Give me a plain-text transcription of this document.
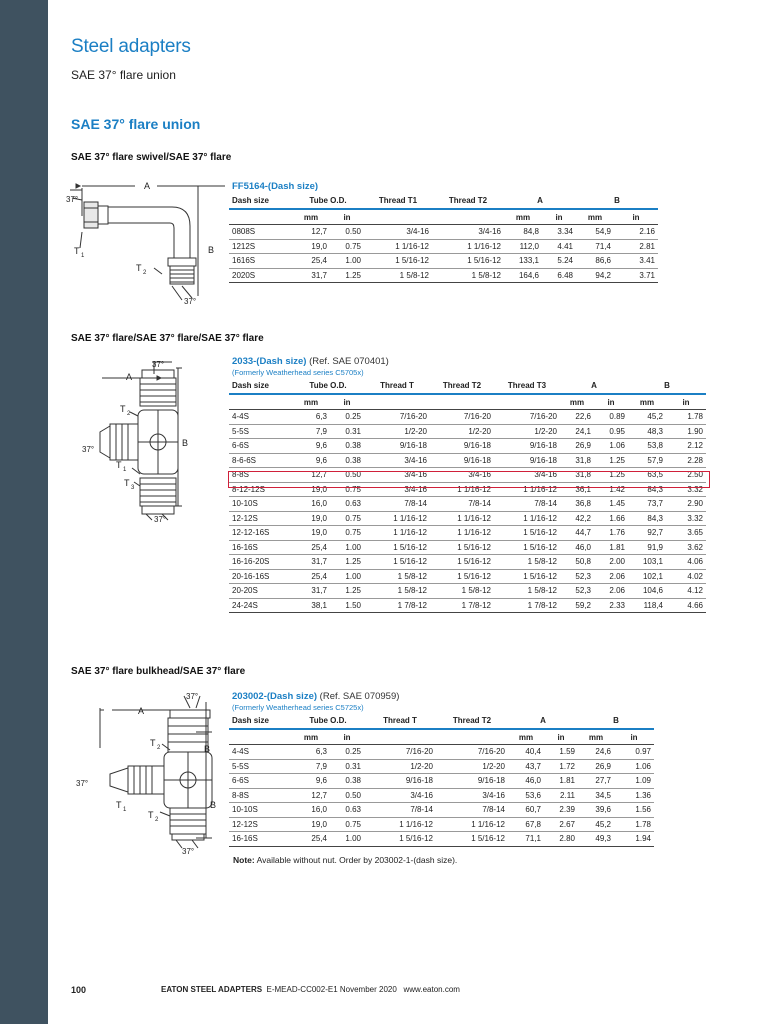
Steel adapters
SAE 37° flare union
SAE 37° flare union
SAE 37° flare swivel/SAE 37° flare
A
37°
B
T 1
T 2
37°
FF5164-(Dash size)
Dash size	Tube O.D.		Thread T1	Thread T2	A		B	
	mm	in			mm	in	mm	in
0808S	12,7	0.50	3/4-16	3/4-16	84,8	3.34	54,9	2.16
1212S	19,0	0.75	1 1/16-12	1 1/16-12	112,0	4.41	71,4	2.81
1616S	25,4	1.00	1 5/16-12	1 5/16-12	133,1	5.24	86,6	3.41
2020S	31,7	1.25	1 5/8-12	1 5/8-12	164,6	6.48	94,2	3.71
SAE 37° flare/SAE 37° flare/SAE 37° flare
37°
A
B
T 2
37°
T 1
T 3
37°
2033-(Dash size) (Ref. SAE 070401)
(Formerly Weatherhead series C5705x)
Dash size	Tube O.D.		Thread T	Thread T2	Thread T3	A		B	
	mm	in				mm	in	mm	in
4-4S	6,3	0.25	7/16-20	7/16-20	7/16-20	22,6	0.89	45,2	1.78
5-5S	7,9	0.31	1/2-20	1/2-20	1/2-20	24,1	0.95	48,3	1.90
6-6S	9,6	0.38	9/16-18	9/16-18	9/16-18	26,9	1.06	53,8	2.12
8-6-6S	9,6	0.38	3/4-16	9/16-18	9/16-18	31,8	1.25	57,9	2.28
8-8S	12,7	0.50	3/4-16	3/4-16	3/4-16	31,8	1.25	63,5	2.50
8-12-12S	19,0	0.75	3/4-16	1 1/16-12	1 1/16-12	36,1	1.42	84,3	3.32
10-10S	16,0	0.63	7/8-14	7/8-14	7/8-14	36,8	1.45	73,7	2.90
12-12S	19,0	0.75	1 1/16-12	1 1/16-12	1 1/16-12	42,2	1.66	84,3	3.32
12-12-16S	19,0	0.75	1 1/16-12	1 1/16-12	1 5/16-12	44,7	1.76	92,7	3.65
16-16S	25,4	1.00	1 5/16-12	1 5/16-12	1 5/16-12	46,0	1.81	91,9	3.62
16-16-20S	31,7	1.25	1 5/16-12	1 5/16-12	1 5/8-12	50,8	2.00	103,1	4.06
20-16-16S	25,4	1.00	1 5/8-12	1 5/16-12	1 5/16-12	52,3	2.06	102,1	4.02
20-20S	31,7	1.25	1 5/8-12	1 5/8-12	1 5/8-12	52,3	2.06	104,6	4.12
24-24S	38,1	1.50	1 7/8-12	1 7/8-12	1 7/8-12	59,2	2.33	118,4	4.66
SAE 37° flare bulkhead/SAE 37° flare
37°
A
B
B
T 2
37°
T 1 T 2
37°
203002-(Dash size) (Ref. SAE 070959)
(Formerly Weatherhead series C5725x)
Dash size	Tube O.D.		Thread T	Thread T2	A		B	
	mm	in			mm	in	mm	in
4-4S	6,3	0.25	7/16-20	7/16-20	40,4	1.59	24,6	0.97
5-5S	7,9	0.31	1/2-20	1/2-20	43,7	1.72	26,9	1.06
6-6S	9,6	0.38	9/16-18	9/16-18	46,0	1.81	27,7	1.09
8-8S	12,7	0.50	3/4-16	3/4-16	53,6	2.11	34,5	1.36
10-10S	16,0	0.63	7/8-14	7/8-14	60,7	2.39	39,6	1.56
12-12S	19,0	0.75	1 1/16-12	1 1/16-12	67,8	2.67	45,2	1.78
16-16S	25,4	1.00	1 5/16-12	1 5/16-12	71,1	2.80	49,3	1.94
Note: Available without nut. Order by 203002-1-(dash size).
100	EATON STEEL ADAPTERS E-MEAD-CC002-E1 November 2020 www.eaton.com
